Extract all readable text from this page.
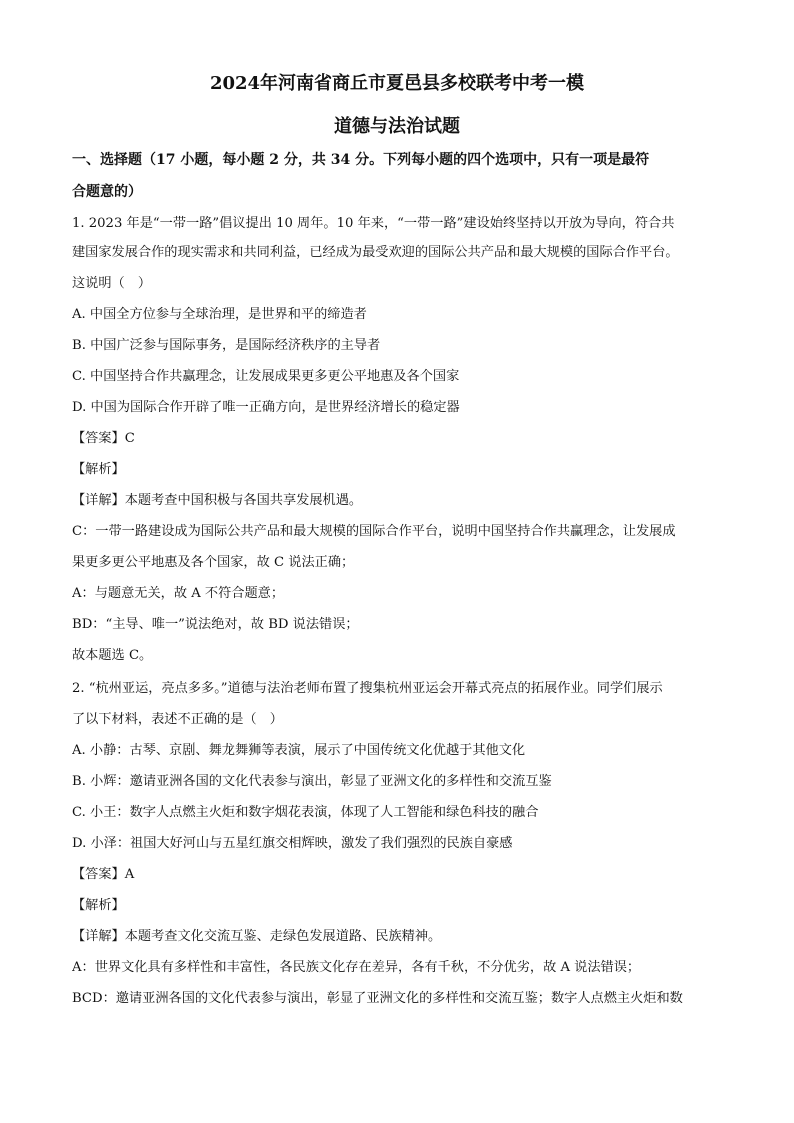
2024年河南省商丘市夏邑县多校联考中考一模
道德与法治试题
一、选择题（17 小题，每小题 2 分，共 34 分。下列每小题的四个选项中，只有一项是最符
合题意的）
1. 2023 年是“一带一路”倡议提出 10 周年。10 年来，“一带一路”建设始终坚持以开放为导向，符合共
建国家发展合作的现实需求和共同利益，已经成为最受欢迎的国际公共产品和最大规模的国际合作平台。
这说明（　）
A. 中国全方位参与全球治理，是世界和平的缔造者
B. 中国广泛参与国际事务，是国际经济秩序的主导者
C. 中国坚持合作共赢理念，让发展成果更多更公平地惠及各个国家
D. 中国为国际合作开辟了唯一正确方向，是世界经济增长的稳定器
【答案】C
【解析】
【详解】本题考查中国积极与各国共享发展机遇。
C：一带一路建设成为国际公共产品和最大规模的国际合作平台，说明中国坚持合作共赢理念，让发展成
果更多更公平地惠及各个国家，故 C 说法正确；
A：与题意无关，故 A 不符合题意；
BD：“主导、唯一”说法绝对，故 BD 说法错误；
故本题选 C。
2. “杭州亚运，亮点多多。”道德与法治老师布置了搜集杭州亚运会开幕式亮点的拓展作业。同学们展示
了以下材料，表述不正确的是（　）
A. 小静：古琴、京剧、舞龙舞狮等表演，展示了中国传统文化优越于其他文化
B. 小辉：邀请亚洲各国的文化代表参与演出，彰显了亚洲文化的多样性和交流互鉴
C. 小王：数字人点燃主火炬和数字烟花表演，体现了人工智能和绿色科技的融合
D. 小泽：祖国大好河山与五星红旗交相辉映，激发了我们强烈的民族自豪感
【答案】A
【解析】
【详解】本题考查文化交流互鉴、走绿色发展道路、民族精神。
A：世界文化具有多样性和丰富性，各民族文化存在差异，各有千秋，不分优劣，故 A 说法错误；
BCD：邀请亚洲各国的文化代表参与演出，彰显了亚洲文化的多样性和交流互鉴；数字人点燃主火炬和数
